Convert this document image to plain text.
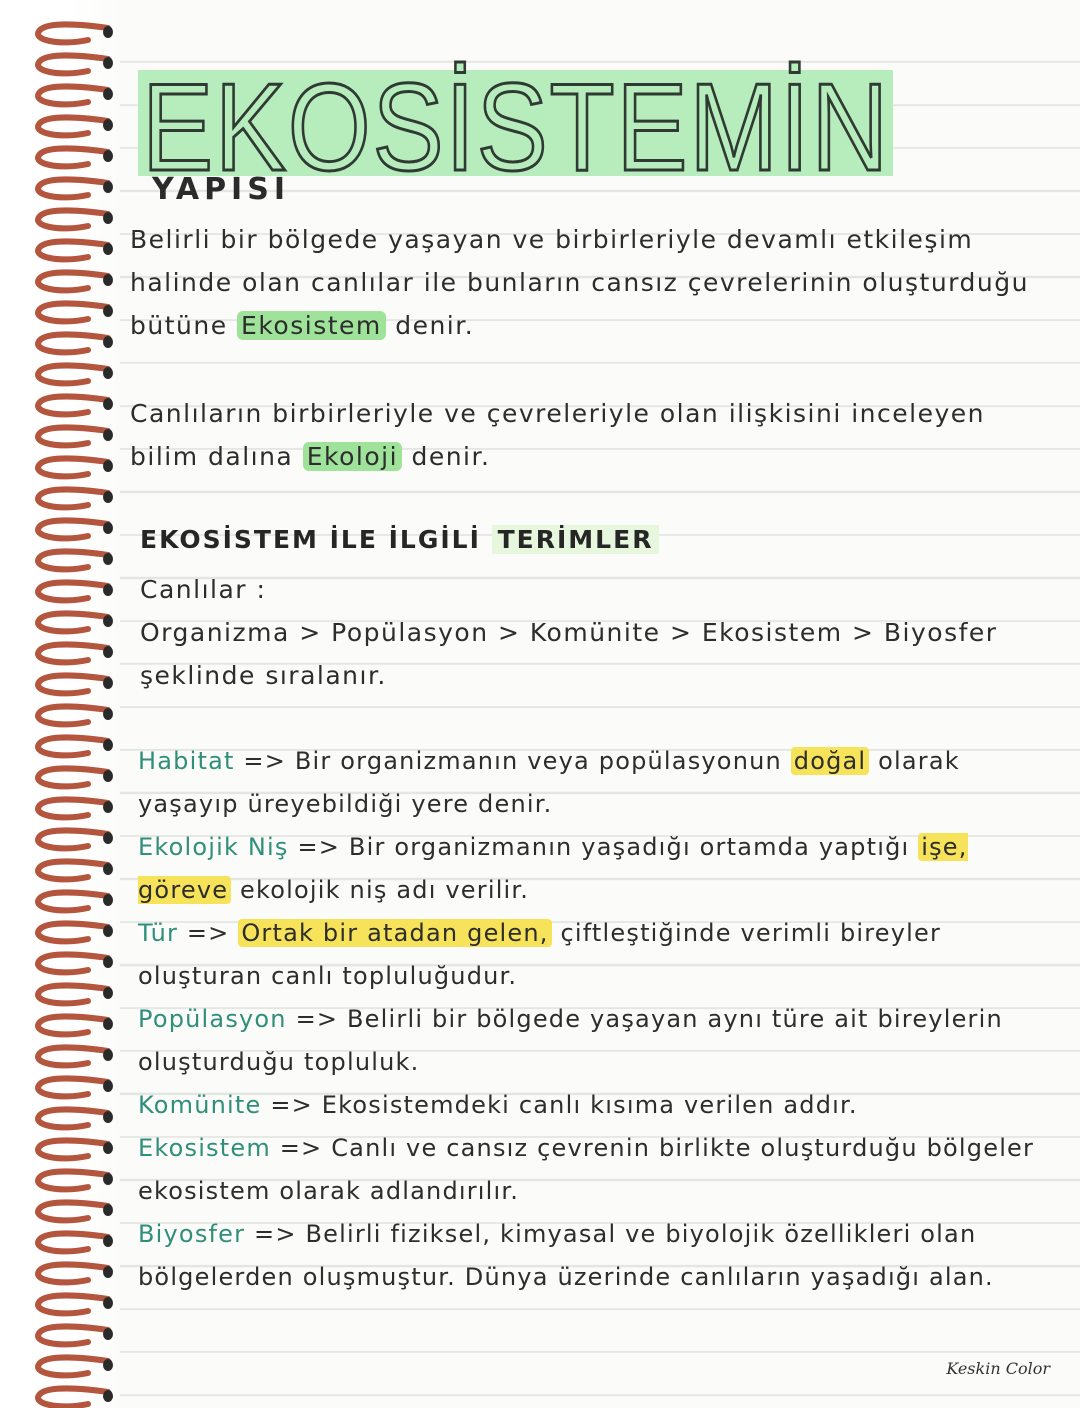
EKOSİSTEMİN
YAPISI
Belirli bir bölgede yaşayan ve birbirleriyle devamlı etkileşim halinde olan canlılar ile bunların cansız çevrelerinin oluşturduğu bütüne Ekosistem denir.
Canlıların birbirleriyle ve çevreleriyle olan ilişkisini inceleyen bilim dalına Ekoloji denir.
EKOSİSTEM İLE İLGİLİ TERİMLER
Canlılar :
Organizma > Popülasyon > Komünite > Ekosistem > Biyosfer
şeklinde sıralanır.
Habitat => Bir organizmanın veya popülasyonun doğal olarak yaşayıp üreyebildiği yere denir.
Ekolojik Niş => Bir organizmanın yaşadığı ortamda yaptığı işe, göreve ekolojik niş adı verilir.
Tür => Ortak bir atadan gelen, çiftleştiğinde verimli bireyler oluşturan canlı topluluğudur.
Popülasyon => Belirli bir bölgede yaşayan aynı türe ait bireylerin oluşturduğu topluluk.
Komünite => Ekosistemdeki canlı kısıma verilen addır.
Ekosistem => Canlı ve cansız çevrenin birlikte oluşturduğu bölgeler ekosistem olarak adlandırılır.
Biyosfer => Belirli fiziksel, kimyasal ve biyolojik özellikleri olan bölgelerden oluşmuştur. Dünya üzerinde canlıların yaşadığı alan.
Keskin Color
